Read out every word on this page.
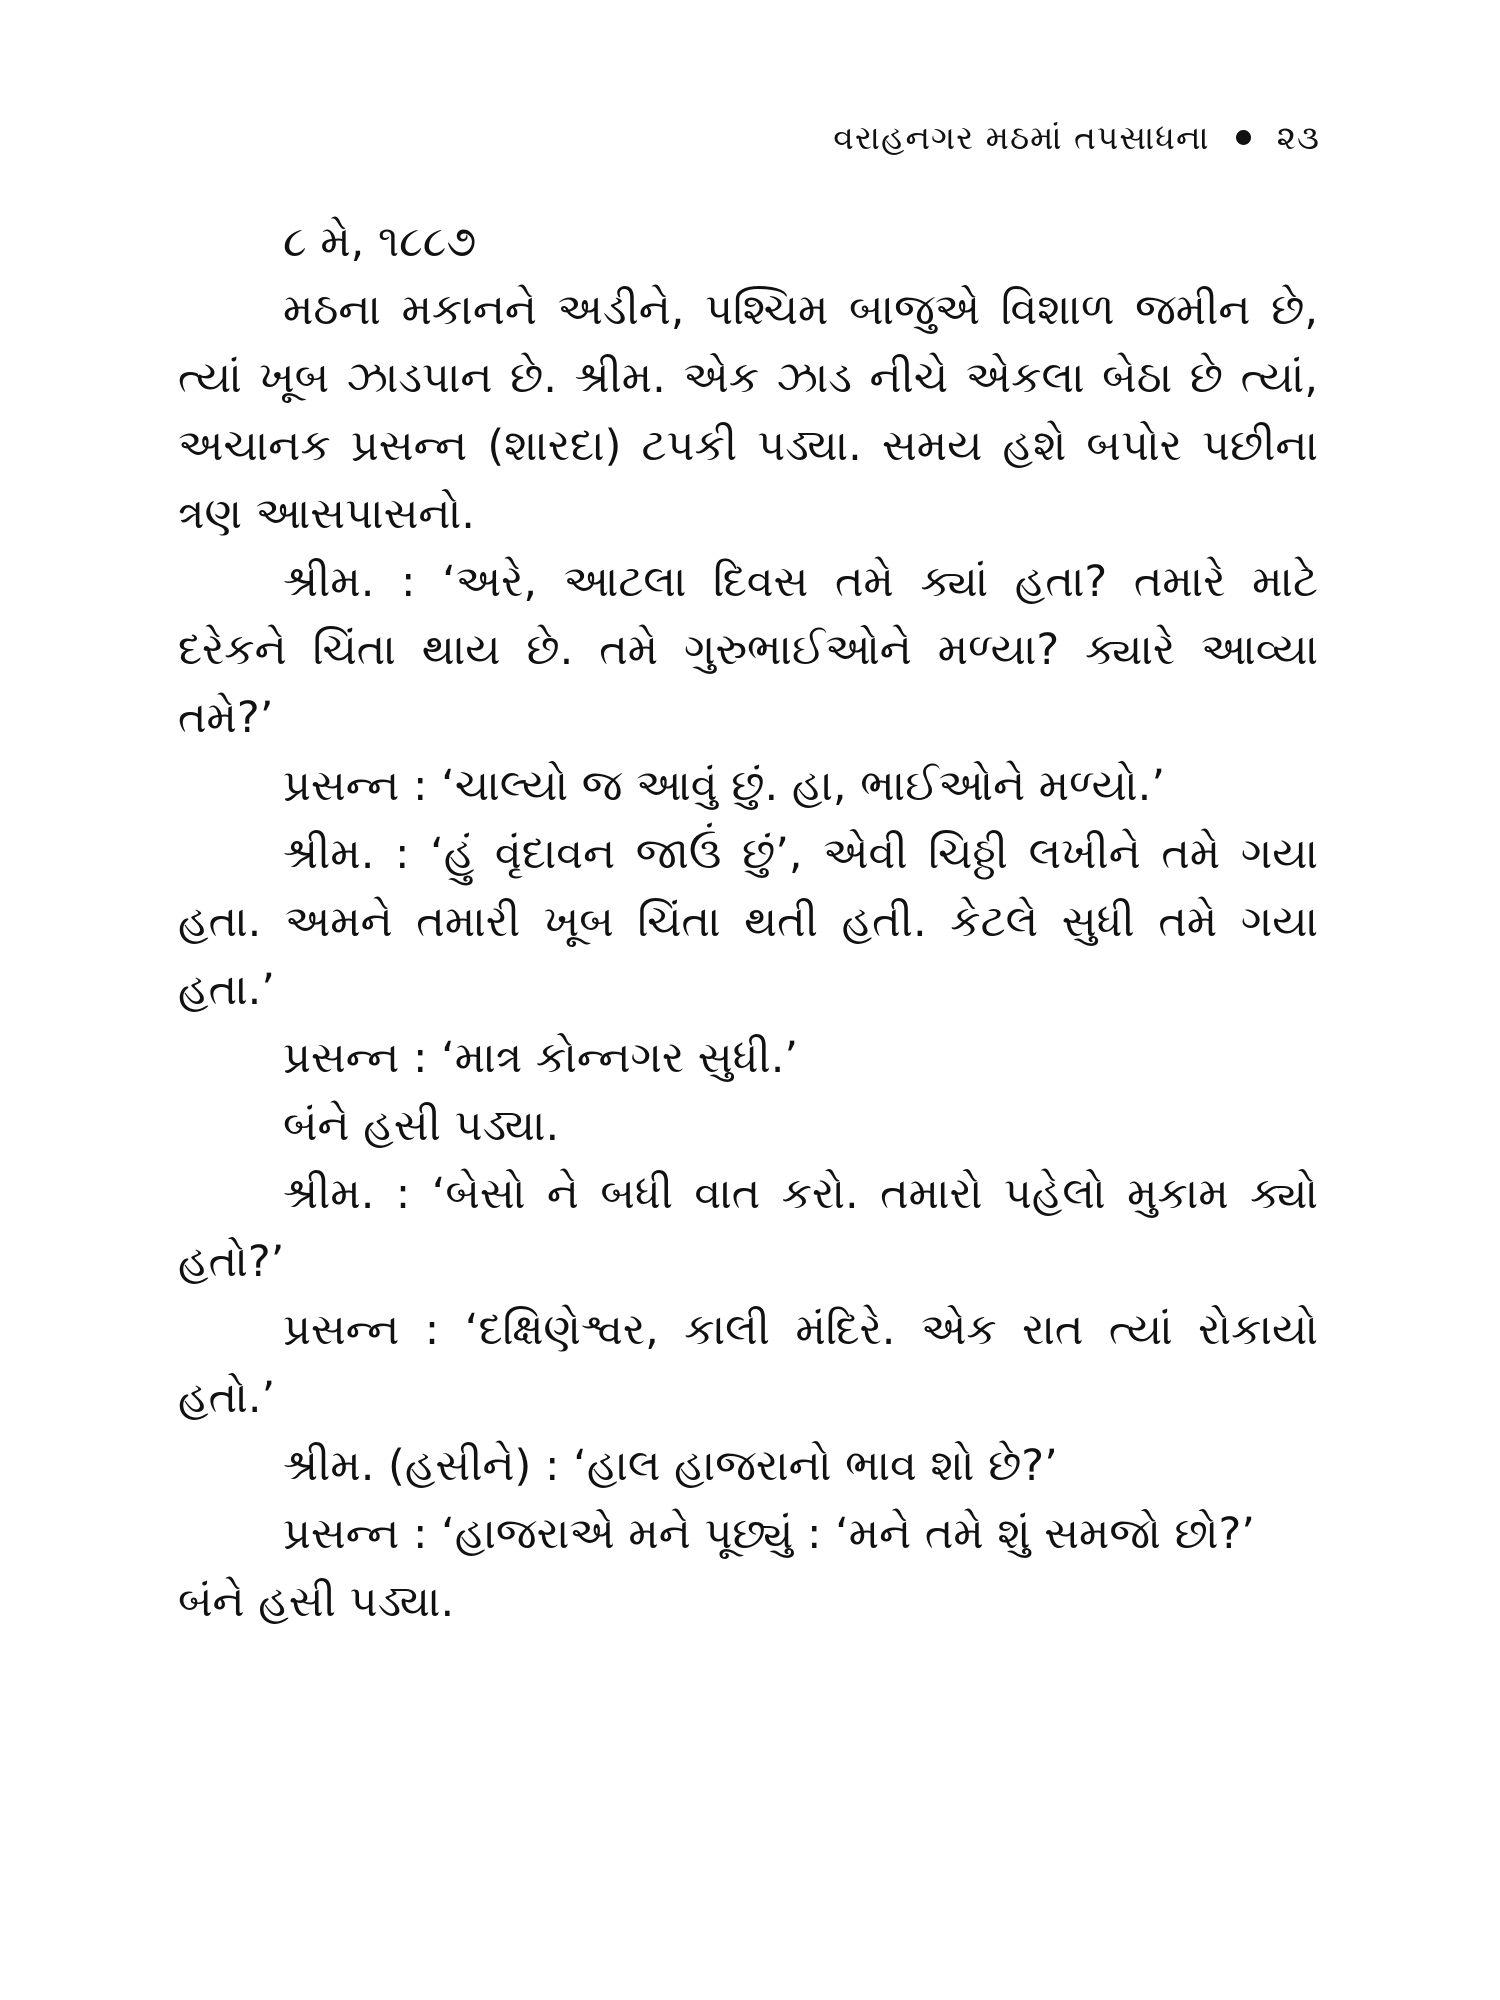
વરાહનગર મઠમાં તપસાધના ૨૩
૮ મે, ૧૮૮૭
મઠના મકાનને અડીને, પશ્ચિમ બાજુએ વિશાળ જમીન છે,
ત્યાં ખૂબ ઝાડપાન છે. શ્રીમ. એક ઝાડ નીચે એકલા બેઠા છે ત્યાં,
અચાનક પ્રસન્ન (શારદા) ટપકી પડ્યા. સમય હશે બપોર પછીના
ત્રણ આસપાસનો.
શ્રીમ. : ‘અરે, આટલા દિવસ તમે ક્યાં હતા? તમારે માટે
દરેકને ચિંતા થાય છે. તમે ગુરુભાઈઓને મળ્યા? ક્યારે આવ્યા
તમે?’
પ્રસન્ન : ‘ચાલ્યો જ આવું છું. હા, ભાઈઓને મળ્યો.’
શ્રીમ. : ‘હું વૃંદાવન જાઉં છું’, એવી ચિઠ્ઠી લખીને તમે ગયા
હતા. અમને તમારી ખૂબ ચિંતા થતી હતી. કેટલે સુધી તમે ગયા
હતા.’
પ્રસન્ન : ‘માત્ર કોન્નગર સુધી.’
બંને હસી પડ્યા.
શ્રીમ. : ‘બેસો ને બધી વાત કરો. તમારો પહેલો મુકામ ક્યો
હતો?’
પ્રસન્ન : ‘દક્ષિણેશ્વર, કાલી મંદિરે. એક રાત ત્યાં રોકાયો
હતો.’
શ્રીમ. (હસીને) : ‘હાલ હાજરાનો ભાવ શો છે?’
પ્રસન્ન : ‘હાજરાએ મને પૂછ્યું : ‘મને તમે શું સમજો છો?’
બંને હસી પડ્યા.
